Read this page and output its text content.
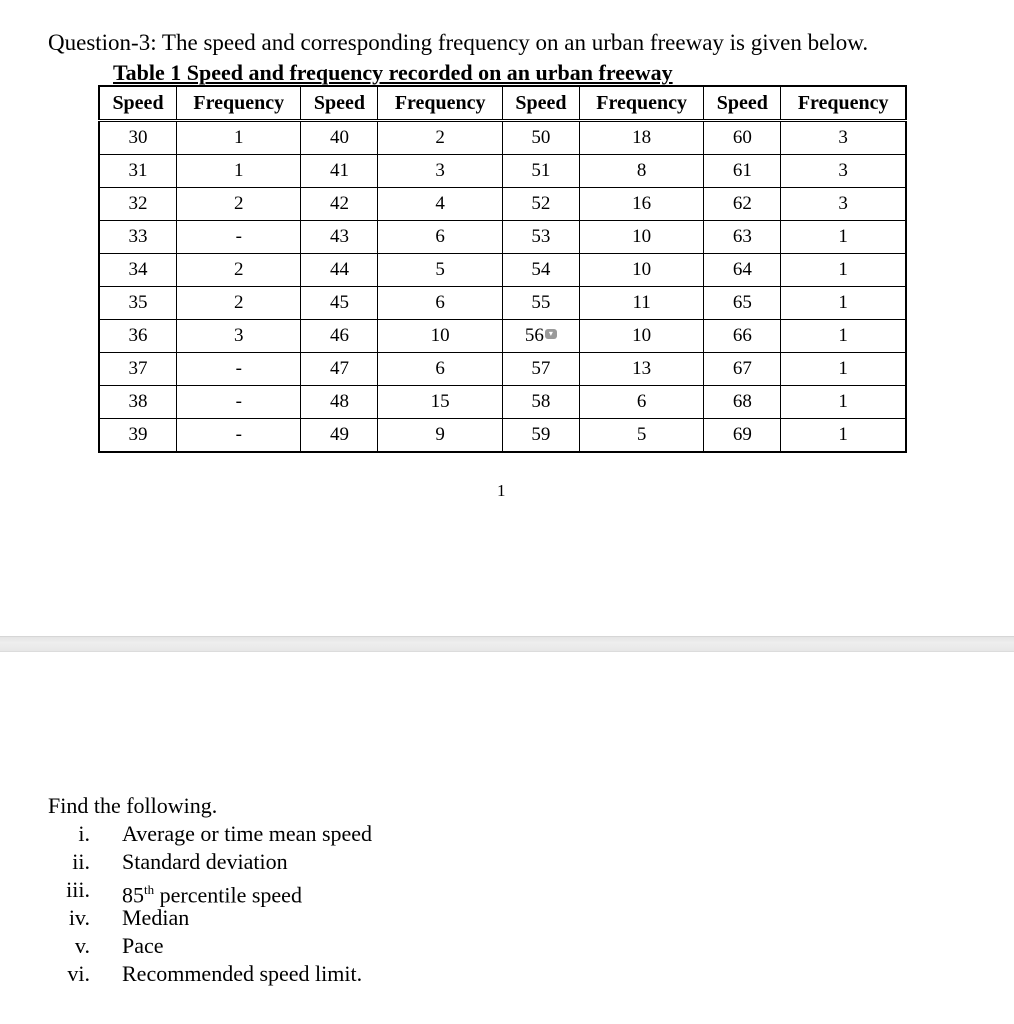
Question-3: The speed and corresponding frequency on an urban freeway is given below.
Table 1 Speed and frequency recorded on an urban freeway
Speed	Frequency	Speed	Frequency	Speed	Frequency	Speed	Frequency
30	1	40	2	50	18	60	3
31	1	41	3	51	8	61	3
32	2	42	4	52	16	62	3
33	-	43	6	53	10	63	1
34	2	44	5	54	10	64	1
35	2	45	6	55	11	65	1
36	3	46	10	56 ▾	10	66	1
37	-	47	6	57	13	67	1
38	-	48	15	58	6	68	1
39	-	49	9	59	5	69	1
1
Find the following.
i. Average or time mean speed
ii. Standard deviation
iii. 85th percentile speed
iv. Median
v. Pace
vi. Recommended speed limit.
